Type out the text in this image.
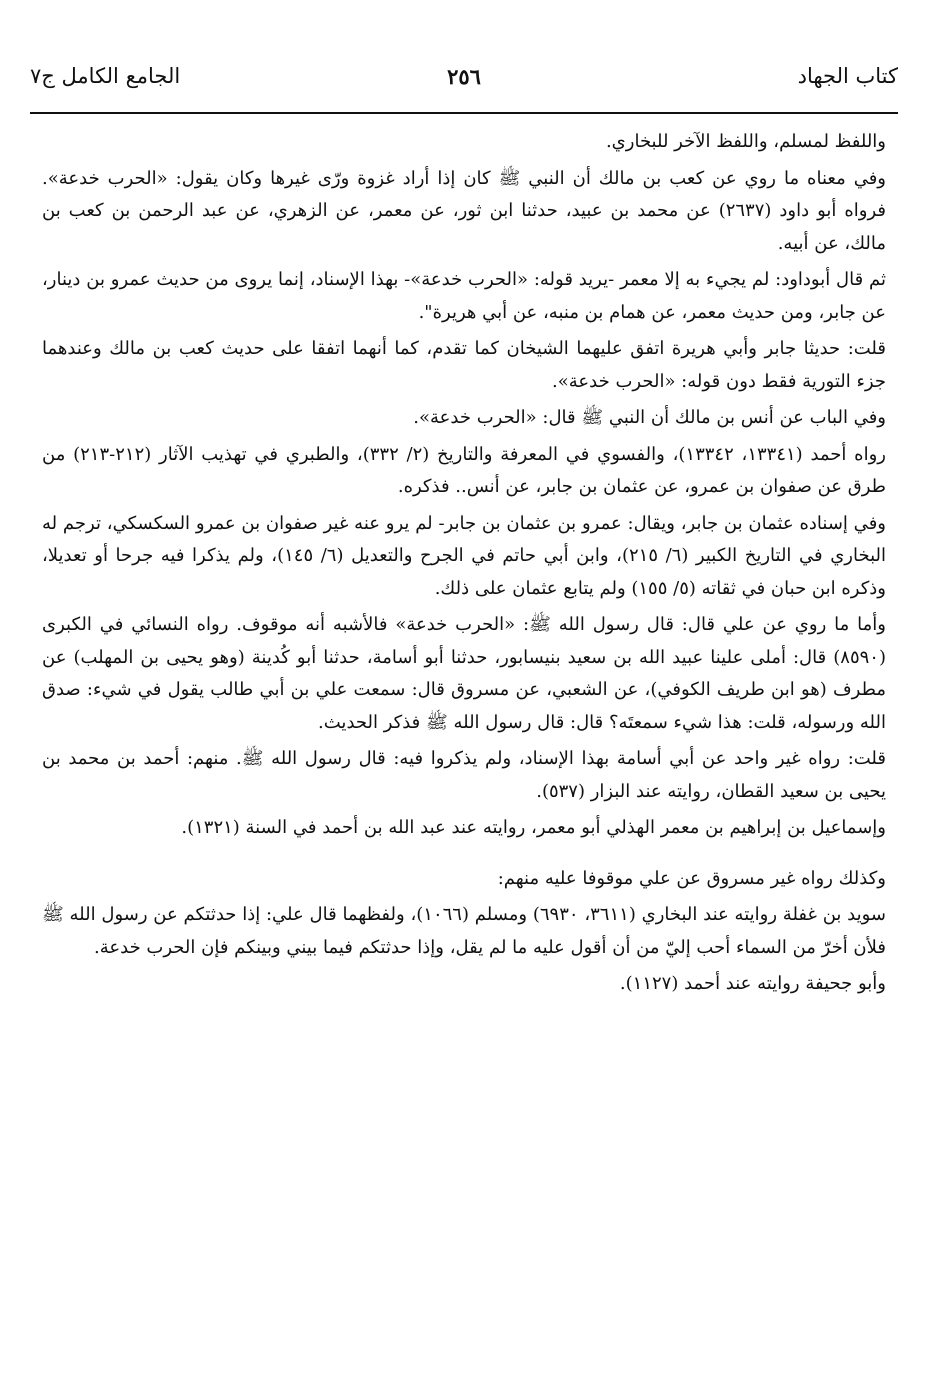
كتاب الجهاد
٢٥٦
الجامع الكامل ج٧

واللفظ لمسلم، واللفظ الآخر للبخاري.

وفي معناه ما روي عن كعب بن مالك أن النبي ﷺ كان إذا أراد غزوة ورّى غيرها وكان يقول: «الحرب خدعة». فرواه أبو داود (٢٦٣٧) عن محمد بن عبيد، حدثنا ابن ثور، عن معمر، عن الزهري، عن عبد الرحمن بن كعب بن مالك، عن أبيه.

ثم قال أبوداود: لم يجيء به إلا معمر -يريد قوله: «الحرب خدعة»- بهذا الإسناد، إنما يروى من حديث عمرو بن دينار، عن جابر، ومن حديث معمر، عن همام بن منبه، عن أبي هريرة".

قلت: حديثا جابر وأبي هريرة اتفق عليهما الشيخان كما تقدم، كما أنهما اتفقا على حديث كعب بن مالك وعندهما جزء التورية فقط دون قوله: «الحرب خدعة».

وفي الباب عن أنس بن مالك أن النبي ﷺ قال: «الحرب خدعة».

رواه أحمد (١٣٣٤١، ١٣٣٤٢)، والفسوي في المعرفة والتاريخ (٢/ ٣٣٢)، والطبري في تهذيب الآثار (٢١٢-٢١٣) من طرق عن صفوان بن عمرو، عن عثمان بن جابر، عن أنس.. فذكره.

وفي إسناده عثمان بن جابر، ويقال: عمرو بن عثمان بن جابر- لم يرو عنه غير صفوان بن عمرو السكسكي، ترجم له البخاري في التاريخ الكبير (٦/ ٢١٥)، وابن أبي حاتم في الجرح والتعديل (٦/ ١٤٥)، ولم يذكرا فيه جرحا أو تعديلا، وذكره ابن حبان في ثقاته (٥/ ١٥٥) ولم يتابع عثمان على ذلك.

وأما ما روي عن علي قال: قال رسول الله ﷺ: «الحرب خدعة» فالأشبه أنه موقوف. رواه النسائي في الكبرى (٨٥٩٠) قال: أملى علينا عبيد الله بن سعيد بنيسابور، حدثنا أبو أسامة، حدثنا أبو كُدينة (وهو يحيى بن المهلب) عن مطرف (هو ابن طريف الكوفي)، عن الشعبي، عن مسروق قال: سمعت علي بن أبي طالب يقول في شيء: صدق الله ورسوله، قلت: هذا شيء سمعتَه؟ قال: قال رسول الله ﷺ فذكر الحديث.

قلت: رواه غير واحد عن أبي أسامة بهذا الإسناد، ولم يذكروا فيه: قال رسول الله ﷺ. منهم: أحمد بن محمد بن يحيى بن سعيد القطان، روايته عند البزار (٥٣٧).

وإسماعيل بن إبراهيم بن معمر الهذلي أبو معمر، روايته عند عبد الله بن أحمد في السنة (١٣٢١).

وكذلك رواه غير مسروق عن علي موقوفا عليه منهم:

سويد بن غفلة روايته عند البخاري (٣٦١١، ٦٩٣٠) ومسلم (١٠٦٦)، ولفظهما قال علي: إذا حدثتكم عن رسول الله ﷺ فلأن أخرّ من السماء أحب إليّ من أن أقول عليه ما لم يقل، وإذا حدثتكم فيما بيني وبينكم فإن الحرب خدعة.

وأبو جحيفة روايته عند أحمد (١١٢٧).
